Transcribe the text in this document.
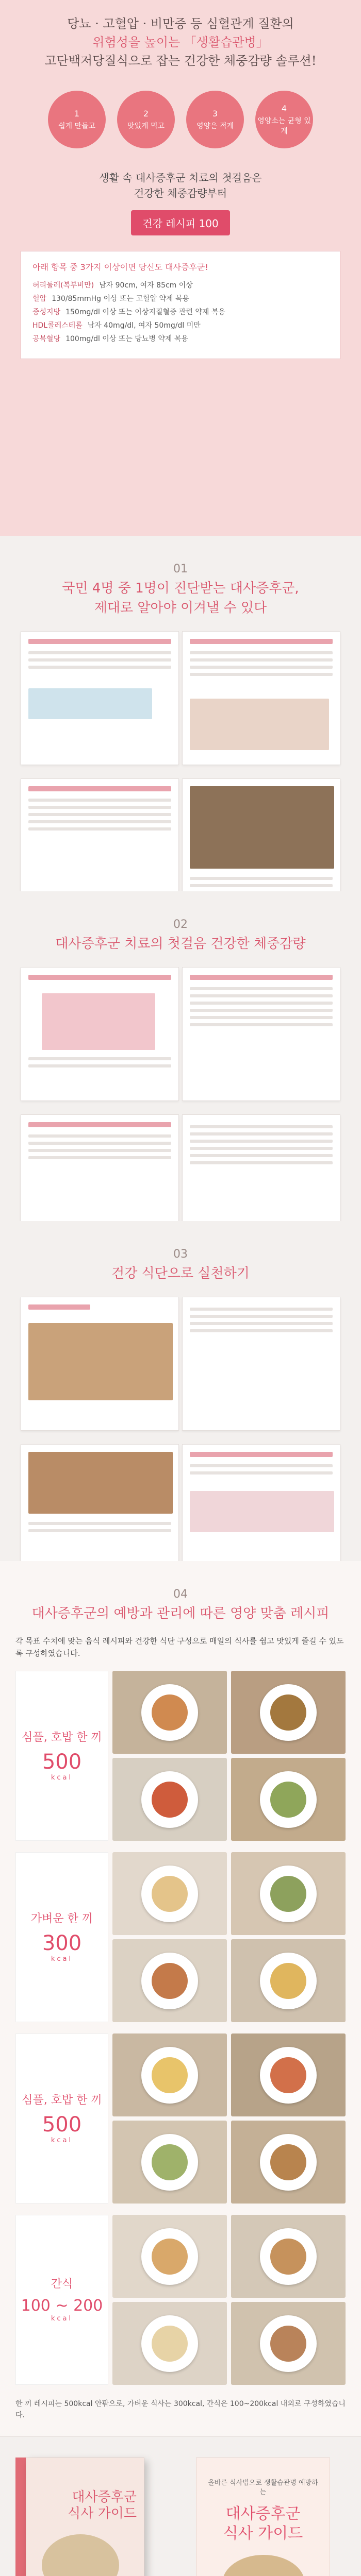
당뇨 · 고혈압 · 비만증 등 심혈관계 질환의
위험성을 높이는 「생활습관병」
고단백저당질식으로 잡는 건강한 체중감량 솔루션!
1
쉽게 만들고
2
맛있게 먹고
3
영양은 적게
4
영양소는 균형 있게
생활 속 대사증후군 치료의 첫걸음은
건강한 체중감량부터
건강 레시피 100
아래 항목 중 3가지 이상이면 당신도 대사증후군!
허리둘레(복부비만) 남자 90cm, 여자 85cm 이상
혈압 130/85mmHg 이상 또는 고혈압 약제 복용
중성지방 150mg/dl 이상 또는 이상지질혈증 관련 약제 복용
HDL콜레스테롤 남자 40mg/dl, 여자 50mg/dl 미만
공복혈당 100mg/dl 이상 또는 당뇨병 약제 복용
01
국민 4명 중 1명이 진단받는 대사증후군,
제대로 알아야 이겨낼 수 있다
02
대사증후군 치료의 첫걸음 건강한 체중감량
03
건강 식단으로 실천하기
04
대사증후군의 예방과 관리에 따른 영양 맞춤 레시피
각 목표 수치에 맞는 음식 레시피와 건강한 식단 구성으로 매일의 식사를 쉽고 맛있게 즐길 수 있도록 구성하였습니다.
심플, 호밥 한 끼
500
kcal
가벼운 한 끼
300
kcal
심플, 호밥 한 끼
500
kcal
간식
100 ~ 200
kcal
한 끼 레시피는 500kcal 안팎으로, 가벼운 식사는 300kcal, 간식은 100~200kcal 내외로 구성하였습니다.
대사증후군
식사 가이드
올바른 식사법으로 생활습관병 예방하는
대사증후군
식사 가이드
